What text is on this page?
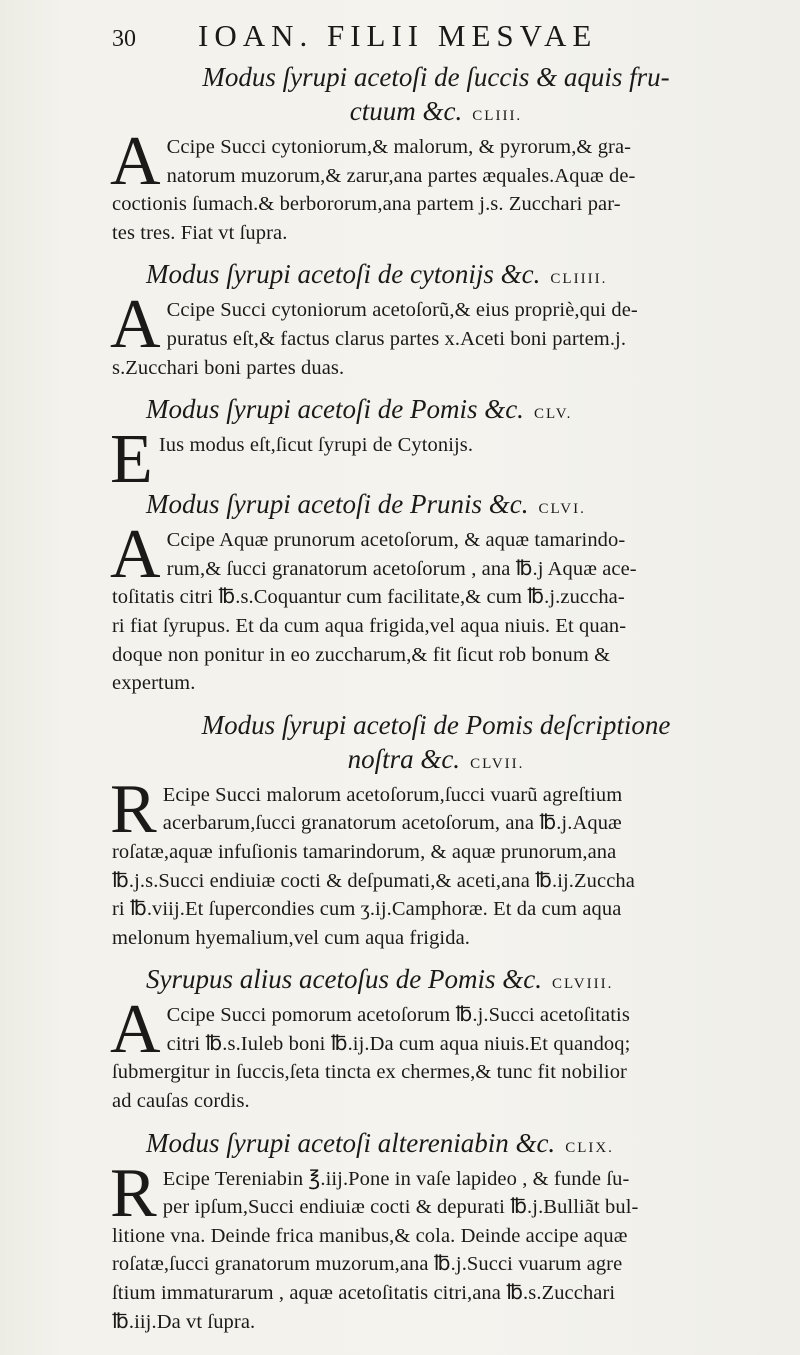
30 IOAN. FILII MESVAE

Modus ſyrupi acetoſi de ſuccis & aquis fru-

ctuum &c. CLIII.

A Ccipe Succi cytoniorum,& malorum, & pyrorum,& gra-
natorum muzorum,& zarur,ana partes æquales.Aquæ de-
coctionis ſumach.& berbororum,ana partem j.s. Zucchari par-
tes tres. Fiat vt ſupra.

Modus ſyrupi acetoſi de cytonijs &c. CLIIII.

A Ccipe Succi cytoniorum acetoſorũ,& eius propriè,qui de-
puratus eſt,& factus clarus partes x.Aceti boni partem.j.
s.Zucchari boni partes duas.

Modus ſyrupi acetoſi de Pomis &c. CLV.

E Ius modus eſt,ſicut ſyrupi de Cytonijs.

Modus ſyrupi acetoſi de Prunis &c. CLVI.

A Ccipe Aquæ prunorum acetoſorum, & aquæ tamarindo-
rum,& ſucci granatorum acetoſorum , ana ℔.j Aquæ ace-
toſitatis citri ℔.s.Coquantur cum facilitate,& cum ℔.j.zuccha-
ri fiat ſyrupus. Et da cum aqua frigida,vel aqua niuis. Et quan-
doque non ponitur in eo zuccharum,& fit ſicut rob bonum &
expertum.

Modus ſyrupi acetoſi de Pomis deſcriptione

noſtra &c. CLVII.

R Ecipe Succi malorum acetoſorum,ſucci vuarũ agreſtium
acerbarum,ſucci granatorum acetoſorum, ana ℔.j.Aquæ
roſatæ,aquæ infuſionis tamarindorum, & aquæ prunorum,ana
℔.j.s.Succi endiuiæ cocti & deſpumati,& aceti,ana ℔.ij.Zuccha
ri ℔.viij.Et ſupercondies cum ʒ.ij.Camphoræ. Et da cum aqua
melonum hyemalium,vel cum aqua frigida.

Syrupus alius acetoſus de Pomis &c. CLVIII.

A Ccipe Succi pomorum acetoſorum ℔.j.Succi acetoſitatis
citri ℔.s.Iuleb boni ℔.ij.Da cum aqua niuis.Et quandoq;
ſubmergitur in ſuccis,ſeta tincta ex chermes,& tunc fit nobilior
ad cauſas cordis.

Modus ſyrupi acetoſi altereniabin &c. CLIX.

R Ecipe Tereniabin ℥.iij.Pone in vaſe lapideo , & funde ſu-
per ipſum,Succi endiuiæ cocti & depurati ℔.j.Bulliãt bul-
litione vna. Deinde frica manibus,& cola. Deinde accipe aquæ
roſatæ,ſucci granatorum muzorum,ana ℔.j.Succi vuarum agre
ſtium immaturarum , aquæ acetoſitatis citri,ana ℔.s.Zucchari
℔.iij.Da vt ſupra.
